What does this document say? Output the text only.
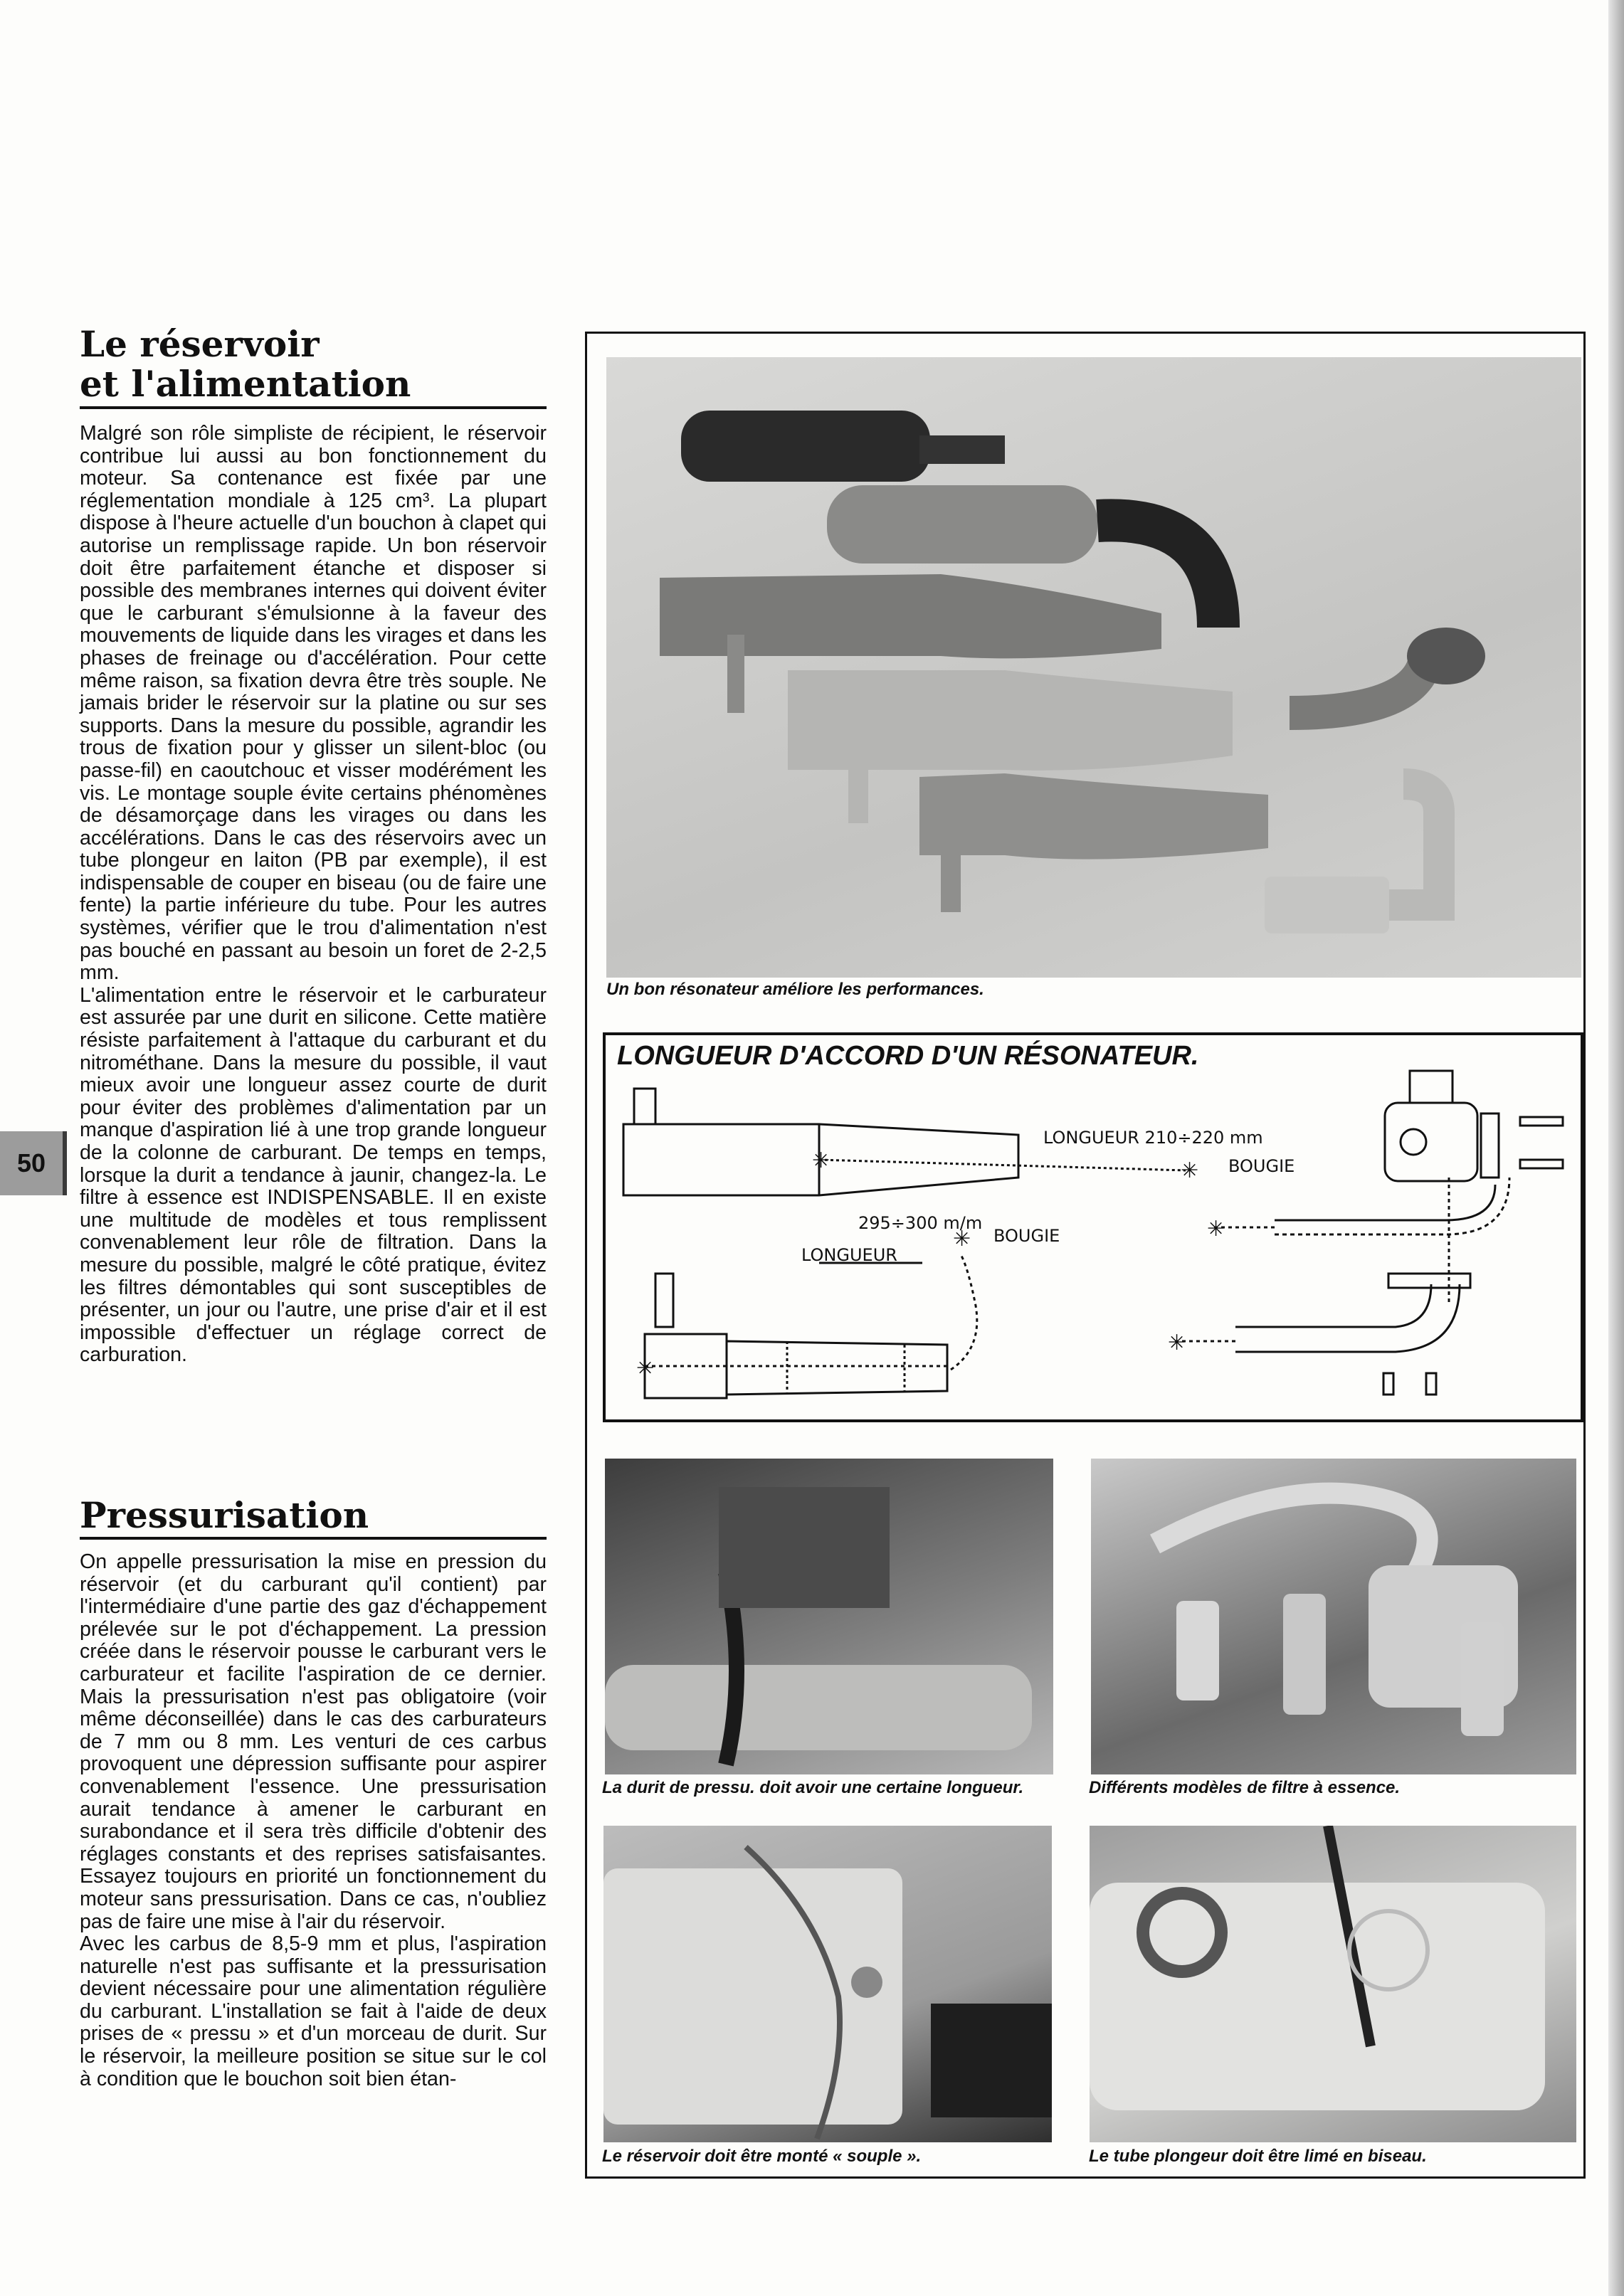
50
Le réservoir
et l'alimentation

Malgré son rôle simpliste de récipient, le réservoir contribue lui aussi au bon fonctionnement du moteur. Sa contenance est fixée par une réglementation mondiale à 125 cm³. La plupart dispose à l'heure actuelle d'un bouchon à clapet qui autorise un remplissage rapide. Un bon réservoir doit être parfaitement étanche et disposer si possible des membranes internes qui doivent éviter que le carburant s'émulsionne à la faveur des mouvements de liquide dans les virages et dans les phases de freinage ou d'accélération. Pour cette même raison, sa fixation devra être très souple. Ne jamais brider le réservoir sur la platine ou sur ses supports. Dans la mesure du possible, agrandir les trous de fixation pour y glisser un silent-bloc (ou passe-fil) en caoutchouc et visser modérément les vis. Le montage souple évite certains phénomènes de désamorçage dans les virages ou dans les accélérations. Dans le cas des réservoirs avec un tube plongeur en laiton (PB par exemple), il est indispensable de couper en biseau (ou de faire une fente) la partie inférieure du tube. Pour les autres systèmes, vérifier que le trou d'alimentation n'est pas bouché en passant au besoin un foret de 2-2,5 mm.

L'alimentation entre le réservoir et le carburateur est assurée par une durit en silicone. Cette matière résiste parfaitement à l'attaque du carburant et du nitrométhane. Dans la mesure du possible, il vaut mieux avoir une longueur assez courte de durit pour éviter des problèmes d'alimentation par un manque d'aspiration lié à une trop grande longueur de la colonne de carburant. De temps en temps, lorsque la durit a tendance à jaunir, changez-la. Le filtre à essence est INDISPENSABLE. Il en existe une multitude de modèles et tous remplissent convenablement leur rôle de filtration. Dans la mesure du possible, malgré le côté pratique, évitez les filtres démontables qui sont susceptibles de présenter, un jour ou l'autre, une prise d'air et il est impossible d'effectuer un réglage correct de carburation.

Pressurisation

On appelle pressurisation la mise en pression du réservoir (et du carburant qu'il contient) par l'intermédiaire d'une partie des gaz d'échappement prélevée sur le pot d'échappement. La pression créée dans le réservoir pousse le carburant vers le carburateur et facilite l'aspiration de ce dernier. Mais la pressurisation n'est pas obligatoire (voir même déconseillée) dans le cas des carburateurs de 7 mm ou 8 mm. Les venturi de ces carbus provoquent une dépression suffisante pour aspirer convenablement l'essence. Une pressurisation aurait tendance à amener le carburant en surabondance et il sera très difficile d'obtenir des réglages constants et des reprises satisfaisantes. Essayez toujours en priorité un fonctionnement du moteur sans pressurisation. Dans ce cas, n'oubliez pas de faire une mise à l'air du réservoir.

Avec les carbus de 8,5-9 mm et plus, l'aspiration naturelle n'est pas suffisante et la pressurisation devient nécessaire pour une alimentation régulière du carburant. L'installation se fait à l'aide de deux prises de « pressu » et d'un morceau de durit. Sur le réservoir, la meilleure position se situe sur le col à condition que le bouchon soit bien étan-

Un bon résonateur améliore les performances.
LONGUEUR D'ACCORD D'UN RÉSONATEUR.
✳	✳
✳
✳
✳
✳
LONGUEUR 210÷220 mm
BOUGIE
295÷300 m/m
LONGUEUR
BOUGIE
La durit de pressu. doit avoir une certaine longueur.	Différents modèles de filtre à essence.
Le réservoir doit être monté « souple ».	Le tube plongeur doit être limé en biseau.
